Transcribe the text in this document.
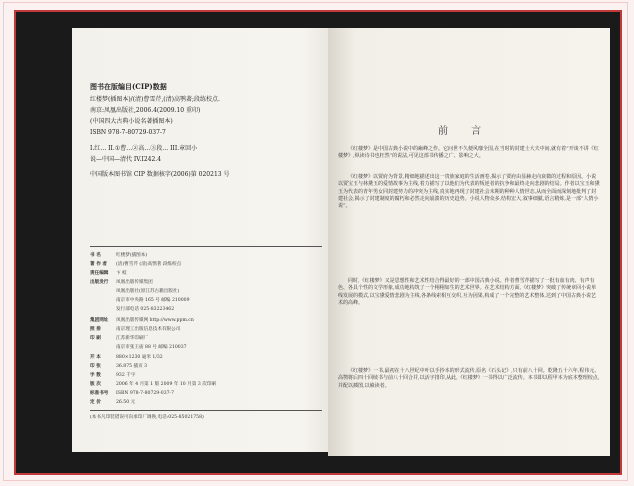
图书在版编目(CIP)数据
红楼梦(插图本)/(清)曹雪芹,(清)高鹗著;段练校点.
南京:凤凰出版社,2006.4(2009.10 重印)
(中国四大古典小说名著插图本)
ISBN 978-7-80729-037-7
I.红… II.①曹…②高…③段… III.章回小
说—中国—清代 IV.I242.4
中国版本图书馆 CIP 数据核字(2006)第 020213 号
书 名	红楼梦(插图本)
著 作 者 (清)曹雪芹 (清)高鹗著 段练校点
责任编辑 卞 岐
出版发行 凤凰出版传媒集团
凤凰出版社(原江苏古籍出版社)
南京市中央路 165 号 邮编 210009
发行部电话 025-83223462
集团网址 凤凰出版传媒网 http://www.ppm.cn
照 排	南京理工出版信息技术有限公司
印 刷	江苏新华印刷厂
南京市张王庙 88 号 邮编 210037
开 本	880×1230 毫米 1/32
印 张	36.875 插页 3
字 数	932 千字
版 次	2006 年 4 月第 1 版 2009 年 10 月第 3 次印刷
标准书号 ISBN 978-7-80729-037-7
定 价	26.50 元
(本书凡印装错误可向承印厂调换,电话:025-85021758)
前 言
《红楼梦》是中国古典小说中的巅峰之作。它问世不久便风靡全国,在当时的封建士大夫中间,就有着“开谈不讲《红楼梦》,纵读诗书也枉然”的说法,可见这部书传播之广、影响之大。
《红楼梦》以贾府为背景,精细地描述出这一贵族家庭的生活画卷,揭示了贾府由显赫走向衰微的过程和原因。小说以贾宝玉与林黛玉的爱情故事为主线,着力描写了以他们为代表的叛逆者的抗争和最终走向悲剧的结局。作者以宝玉和黛玉为代表的青年男女同封建势力的冲突为主线,真实地再现了封建社会末期的种种人情世态,从而全面而深刻地批判了封建社会,揭示了封建制度的腐朽和必然走向崩溃的历史趋势。小说人物众多,结构宏大,叙事细腻,语言精炼,是一部“人情小说”。
同时,《红楼梦》又是思想性和艺术性结合得最好的一部中国古典小说。作者曹雪芹描写了一批有血有肉、有声有色、各具个性的文学形象,成功地构筑了一个栩栩如生的艺术世界。在艺术结构方面,《红楼梦》突破了传统章回小说单线发展的模式,以宝黛爱情悲剧为主线,各条线索相互交织,互为因果,构成了一个完整的艺术整体,达到了中国古典小说艺术的高峰。
《红楼梦》一书,最初在十八世纪中叶以手抄本的形式流传,原名《石头记》,只有前八十回。乾隆五十六年,程伟元、高鹗将后四十回续书与前八十回合并,以活字排印,从此,《红楼梦》一书得以广泛流传。本书即以程甲本为底本整理校点,并配以插图,以飨读者。
